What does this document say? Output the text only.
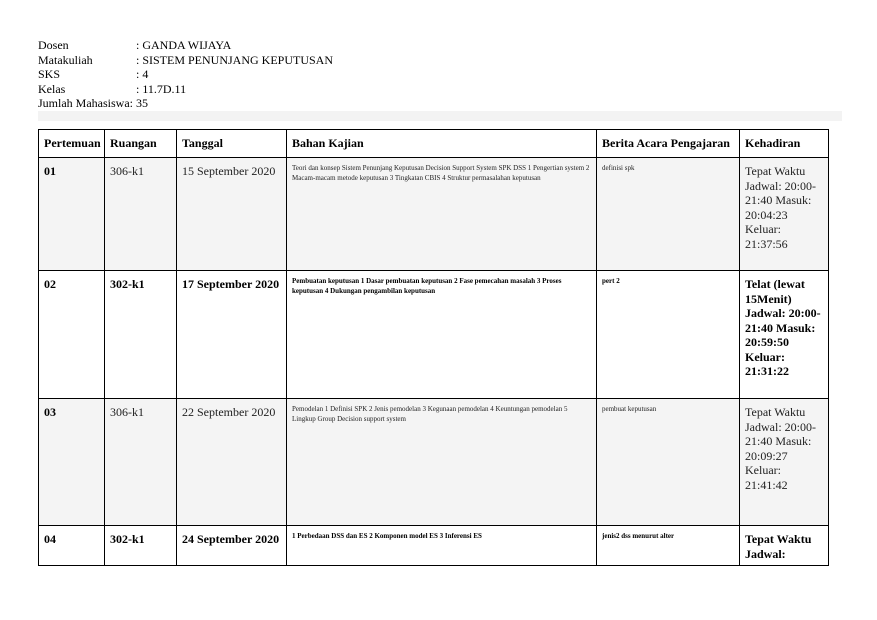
Dosen	: GANDA WIJAYA
Matakuliah	: SISTEM PENUNJANG KEPUTUSAN
SKS	: 4
Kelas	: 11.7D.11
Jumlah Mahasiswa : 35
Pertemuan	Ruangan	Tanggal	Bahan Kajian	Berita Acara Pengajaran	Kehadiran
01	306-k1	15 September 2020	Teori dan konsep Sistem Penunjang Keputusan Decision Support System SPK DSS 1 Pengertian system 2 Macam-macam metode keputusan 3 Tingkatan CBIS 4 Struktur permasalahan keputusan	definisi spk	Tepat Waktu Jadwal: 20:00-21:40 Masuk: 20:04:23 Keluar: 21:37:56
02	302-k1	17 September 2020	Pembuatan keputusan 1 Dasar pembuatan keputusan 2 Fase pemecahan masalah 3 Proses keputusan 4 Dukungan pengambilan keputusan	pert 2	Telat (lewat 15Menit) Jadwal: 20:00-21:40 Masuk: 20:59:50 Keluar: 21:31:22
03	306-k1	22 September 2020	Pemodelan 1 Definisi SPK 2 Jenis pemodelan 3 Kegunaan pemodelan 4 Keuntungan pemodelan 5 Lingkup Group Decision support system	pembuat keputusan	Tepat Waktu Jadwal: 20:00-21:40 Masuk: 20:09:27 Keluar: 21:41:42
04	302-k1	24 September 2020	1 Perbedaan DSS dan ES 2 Komponen model ES 3 Inferensi ES	jenis2 dss menurut alter	Tepat Waktu Jadwal:
